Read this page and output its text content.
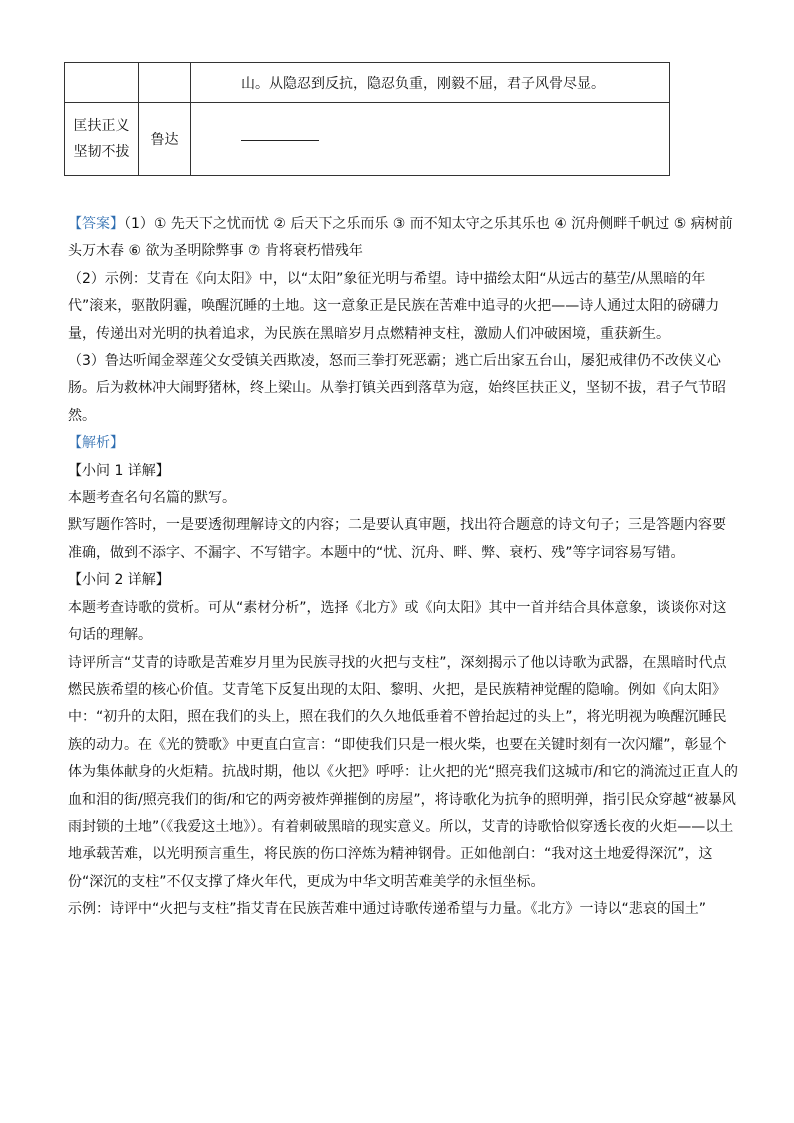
		山。从隐忍到反抗，隐忍负重，刚毅不屈，君子风骨尽显。

匡扶正义
坚韧不拔	鲁达	

【答案】（1）① 先天下之忧而忧 ② 后天下之乐而乐 ③ 而不知太守之乐其乐也 ④ 沉舟侧畔千帆过 ⑤ 病树前头万木春 ⑥ 欲为圣明除弊事 ⑦ 肯将衰朽惜残年

（2）示例：艾青在《向太阳》中，以“太阳”象征光明与希望。诗中描绘太阳“从远古的墓茔/从黑暗的年代”滚来，驱散阴霾，唤醒沉睡的土地。这一意象正是民族在苦难中追寻的火把——诗人通过太阳的磅礴力量，传递出对光明的执着追求，为民族在黑暗岁月点燃精神支柱，激励人们冲破困境，重获新生。

（3）鲁达听闻金翠莲父女受镇关西欺凌，怒而三拳打死恶霸；逃亡后出家五台山，屡犯戒律仍不改侠义心肠。后为救林冲大闹野猪林，终上梁山。从拳打镇关西到落草为寇，始终匡扶正义，坚韧不拔，君子气节昭然。

【解析】

【小问 1 详解】

本题考查名句名篇的默写。

默写题作答时，一是要透彻理解诗文的内容；二是要认真审题，找出符合题意的诗文句子；三是答题内容要准确，做到不添字、不漏字、不写错字。本题中的“忧、沉舟、畔、弊、衰朽、残”等字词容易写错。

【小问 2 详解】

本题考查诗歌的赏析。可从“素材分析”，选择《北方》或《向太阳》其中一首并结合具体意象，谈谈你对这句话的理解。

诗评所言“艾青的诗歌是苦难岁月里为民族寻找的火把与支柱”，深刻揭示了他以诗歌为武器，在黑暗时代点燃民族希望的核心价值。艾青笔下反复出现的太阳、黎明、火把，是民族精神觉醒的隐喻。例如《向太阳》中：“初升的太阳，照在我们的头上，照在我们的久久地低垂着不曾抬起过的头上”，将光明视为唤醒沉睡民族的动力。在《光的赞歌》中更直白宣言：“即使我们只是一根火柴，也要在关键时刻有一次闪耀”，彰显个体为集体献身的火炬精。抗战时期，他以《火把》呼呼：让火把的光“照亮我们这城市/和它的淌流过正直人的血和泪的街/照亮我们的街/和它的两旁被炸弹摧倒的房屋”，将诗歌化为抗争的照明弹，指引民众穿越“被暴风雨封锁的土地”（《我爱这土地》）。有着刺破黑暗的现实意义。所以，艾青的诗歌恰似穿透长夜的火炬——以土地承载苦难，以光明预言重生，将民族的伤口淬炼为精神钢骨。正如他剖白：“我对这土地爱得深沉”，这份“深沉的支柱”不仅支撑了烽火年代，更成为中华文明苦难美学的永恒坐标。

示例：诗评中“火把与支柱”指艾青在民族苦难中通过诗歌传递希望与力量。《北方》一诗以“悲哀的国土”
